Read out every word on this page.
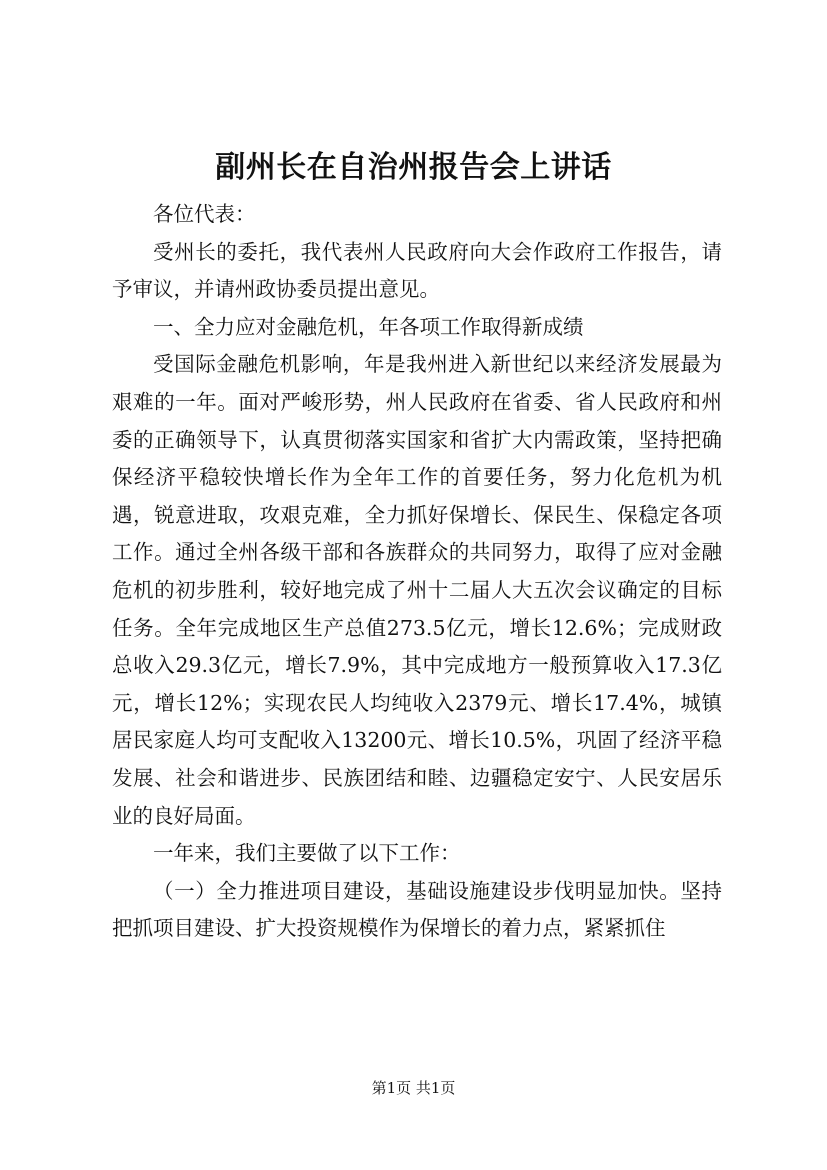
副州长在自治州报告会上讲话

各位代表：

受州长的委托，我代表州人民政府向大会作政府工作报告，请予审议，并请州政协委员提出意见。

一、全力应对金融危机，年各项工作取得新成绩

受国际金融危机影响，年是我州进入新世纪以来经济发展最为艰难的一年。面对严峻形势，州人民政府在省委、省人民政府和州委的正确领导下，认真贯彻落实国家和省扩大内需政策，坚持把确保经济平稳较快增长作为全年工作的首要任务，努力化危机为机遇，锐意进取，攻艰克难，全力抓好保增长、保民生、保稳定各项工作。通过全州各级干部和各族群众的共同努力，取得了应对金融危机的初步胜利，较好地完成了州十二届人大五次会议确定的目标任务。全年完成地区生产总值273.5亿元，增长12.6%；完成财政总收入29.3亿元，增长7.9%，其中完成地方一般预算收入17.3亿元，增长12%；实现农民人均纯收入2379元、增长17.4%，城镇居民家庭人均可支配收入13200元、增长10.5%，巩固了经济平稳发展、社会和谐进步、民族团结和睦、边疆稳定安宁、人民安居乐业的良好局面。

一年来，我们主要做了以下工作：

（一）全力推进项目建设，基础设施建设步伐明显加快。坚持把抓项目建设、扩大投资规模作为保增长的着力点，紧紧抓住

第1页 共1页
